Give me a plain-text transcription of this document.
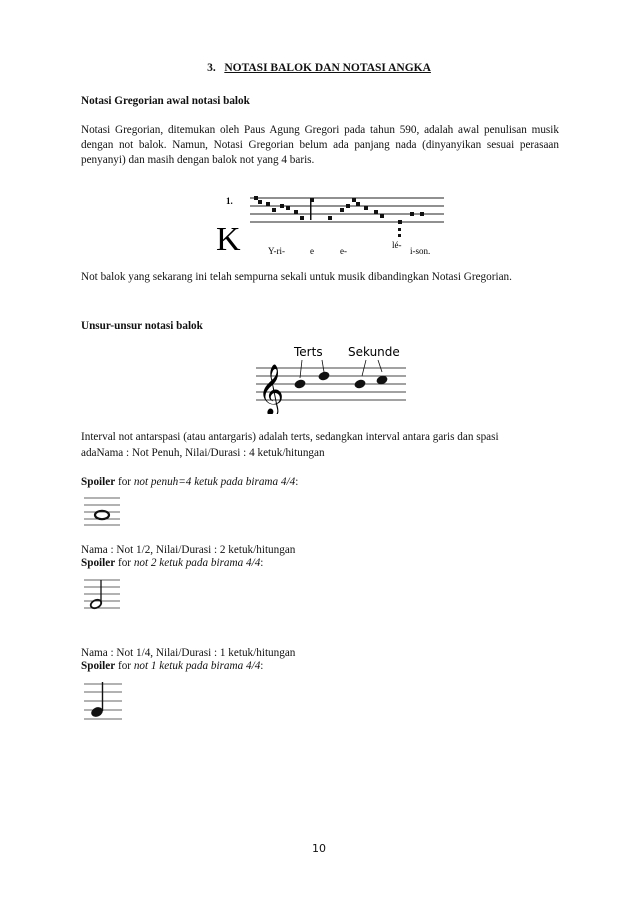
3. NOTASI BALOK DAN NOTASI ANGKA
Notasi Gregorian awal notasi balok
Notasi Gregorian, ditemukan oleh Paus Agung Gregori pada tahun 590, adalah awal penulisan musik dengan not balok. Namun, Notasi Gregorian belum ada panjang nada (dinyanyikan sesuai perasaan penyanyi) dan masih dengan balok not yang 4 baris.
1.
K	Y-ri-	e	e-
lé-
i-son.
Not balok yang sekarang ini telah sempurna sekali untuk musik dibandingkan Notasi Gregorian.
Unsur-unsur notasi balok
𝄞
Terts Sekunde
Interval not antarspasi (atau antargaris) adalah terts, sedangkan interval antara garis dan spasi
adaNama : Not Penuh, Nilai/Durasi : 4 ketuk/hitungan
Spoiler for not penuh=4 ketuk pada birama 4/4:
Nama : Not 1/2, Nilai/Durasi : 2 ketuk/hitungan
Spoiler for not 2 ketuk pada birama 4/4:
Nama : Not 1/4, Nilai/Durasi : 1 ketuk/hitungan
Spoiler for not 1 ketuk pada birama 4/4:
10
